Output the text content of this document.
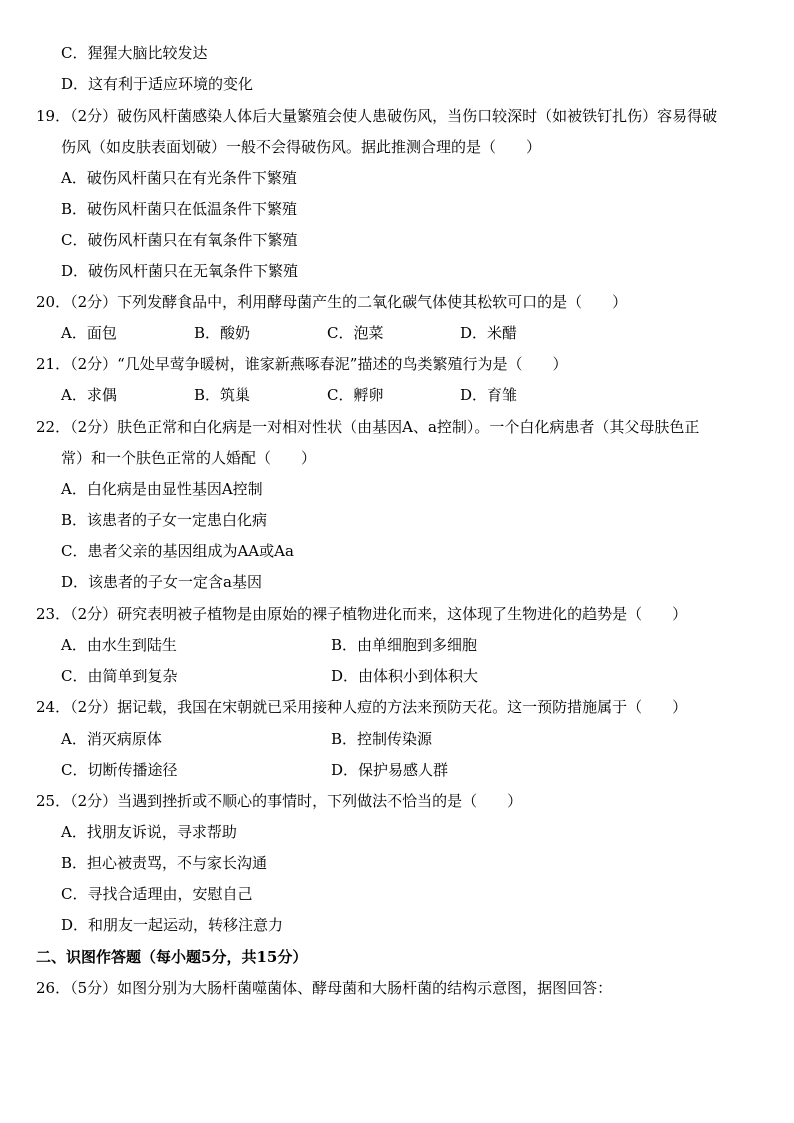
C．猩猩大脑比较发达
D．这有利于适应环境的变化
19．（2分）破伤风杆菌感染人体后大量繁殖会使人患破伤风，当伤口较深时（如被铁钉扎伤）容易得破
伤风（如皮肤表面划破）一般不会得破伤风。据此推测合理的是（　　）
A．破伤风杆菌只在有光条件下繁殖
B．破伤风杆菌只在低温条件下繁殖
C．破伤风杆菌只在有氧条件下繁殖
D．破伤风杆菌只在无氧条件下繁殖
20．（2分）下列发酵食品中，利用酵母菌产生的二氧化碳气体使其松软可口的是（　　）
A．面包	B．酸奶	C．泡菜	D．米醋
21．（2分）“几处早莺争暖树，谁家新燕啄春泥”描述的鸟类繁殖行为是（　　）
A．求偶	B．筑巢	C．孵卵	D．育雏
22．（2分）肤色正常和白化病是一对相对性状（由基因A、a控制）。一个白化病患者（其父母肤色正
常）和一个肤色正常的人婚配（　　）
A．白化病是由显性基因A控制
B．该患者的子女一定患白化病
C．患者父亲的基因组成为AA或Aa
D．该患者的子女一定含a基因
23．（2分）研究表明被子植物是由原始的裸子植物进化而来，这体现了生物进化的趋势是（　　）
A．由水生到陆生	B．由单细胞到多细胞
C．由简单到复杂	D．由体积小到体积大
24．（2分）据记载，我国在宋朝就已采用接种人痘的方法来预防天花。这一预防措施属于（　　）
A．消灭病原体	B．控制传染源
C．切断传播途径	D．保护易感人群
25．（2分）当遇到挫折或不顺心的事情时，下列做法不恰当的是（　　）
A．找朋友诉说，寻求帮助
B．担心被责骂，不与家长沟通
C．寻找合适理由，安慰自己
D．和朋友一起运动，转移注意力
二、识图作答题（每小题5分，共15分）
26．（5分）如图分别为大肠杆菌噬菌体、酵母菌和大肠杆菌的结构示意图，据图回答：
